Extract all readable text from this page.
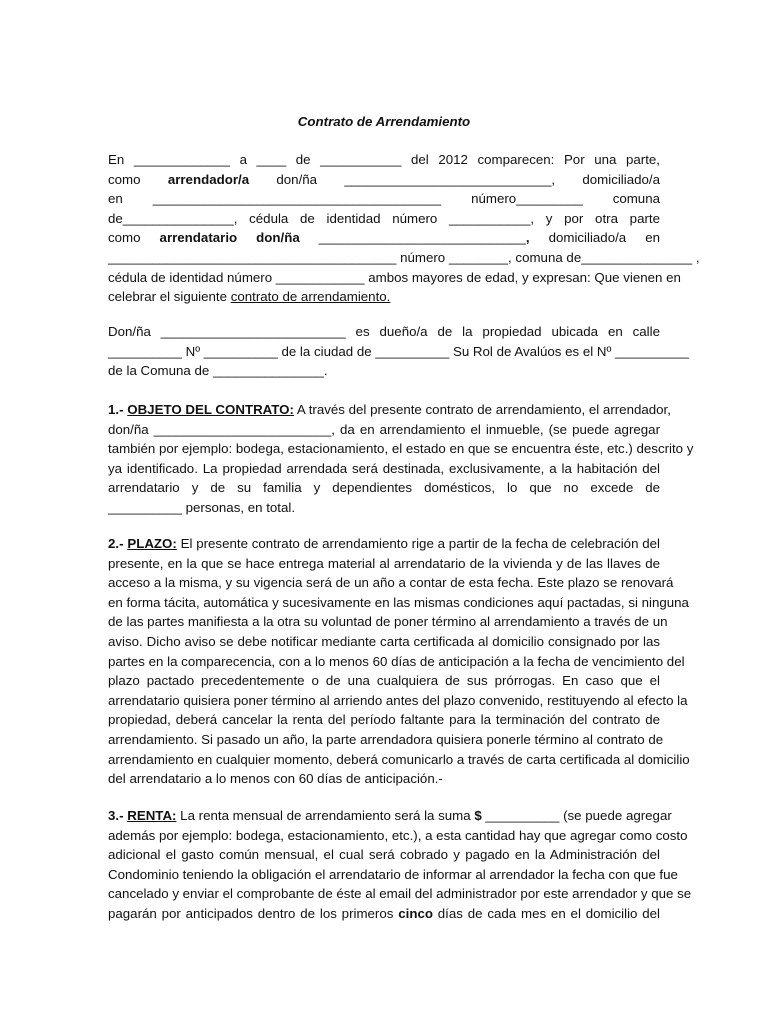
Contrato de Arrendamiento
En _____________ a ____ de ___________ del 2012 comparecen: Por una parte,
como arrendador/a don/ña ____________________________, domiciliado/a
en _______________________________________ número_________ comuna
de_______________, cédula de identidad número ___________, y por otra parte
como arrendatario don/ña ____________________________, domiciliado/a en
_______________________________________ número ________, comuna de_______________ ,
cédula de identidad número ____________ ambos mayores de edad, y expresan: Que vienen en
celebrar el siguiente contrato de arrendamiento.
Don/ña _________________________ es dueño/a de la propiedad ubicada en calle
__________ Nº __________ de la ciudad de __________ Su Rol de Avalúos es el Nº __________
de la Comuna de _______________.
1.- OBJETO DEL CONTRATO: A través del presente contrato de arrendamiento, el arrendador,
don/ña ________________________, da en arrendamiento el inmueble, (se puede agregar
también por ejemplo: bodega, estacionamiento, el estado en que se encuentra éste, etc.) descrito y
ya identificado. La propiedad arrendada será destinada, exclusivamente, a la habitación del
arrendatario y de su familia y dependientes domésticos, lo que no excede de
__________ personas, en total.
2.- PLAZO: El presente contrato de arrendamiento rige a partir de la fecha de celebración del
presente, en la que se hace entrega material al arrendatario de la vivienda y de las llaves de
acceso a la misma, y su vigencia será de un año a contar de esta fecha. Este plazo se renovará
en forma tácita, automática y sucesivamente en las mismas condiciones aquí pactadas, si ninguna
de las partes manifiesta a la otra su voluntad de poner término al arrendamiento a través de un
aviso. Dicho aviso se debe notificar mediante carta certificada al domicilio consignado por las
partes en la comparecencia, con a lo menos 60 días de anticipación a la fecha de vencimiento del
plazo pactado precedentemente o de una cualquiera de sus prórrogas. En caso que el
arrendatario quisiera poner término al arriendo antes del plazo convenido, restituyendo al efecto la
propiedad, deberá cancelar la renta del período faltante para la terminación del contrato de
arrendamiento. Si pasado un año, la parte arrendadora quisiera ponerle término al contrato de
arrendamiento en cualquier momento, deberá comunicarlo a través de carta certificada al domicilio
del arrendatario a lo menos con 60 días de anticipación.-
3.- RENTA: La renta mensual de arrendamiento será la suma $ __________ (se puede agregar
además por ejemplo: bodega, estacionamiento, etc.), a esta cantidad hay que agregar como costo
adicional el gasto común mensual, el cual será cobrado y pagado en la Administración del
Condominio teniendo la obligación el arrendatario de informar al arrendador la fecha con que fue
cancelado y enviar el comprobante de éste al email del administrador por este arrendador y que se
pagarán por anticipados dentro de los primeros cinco días de cada mes en el domicilio del
